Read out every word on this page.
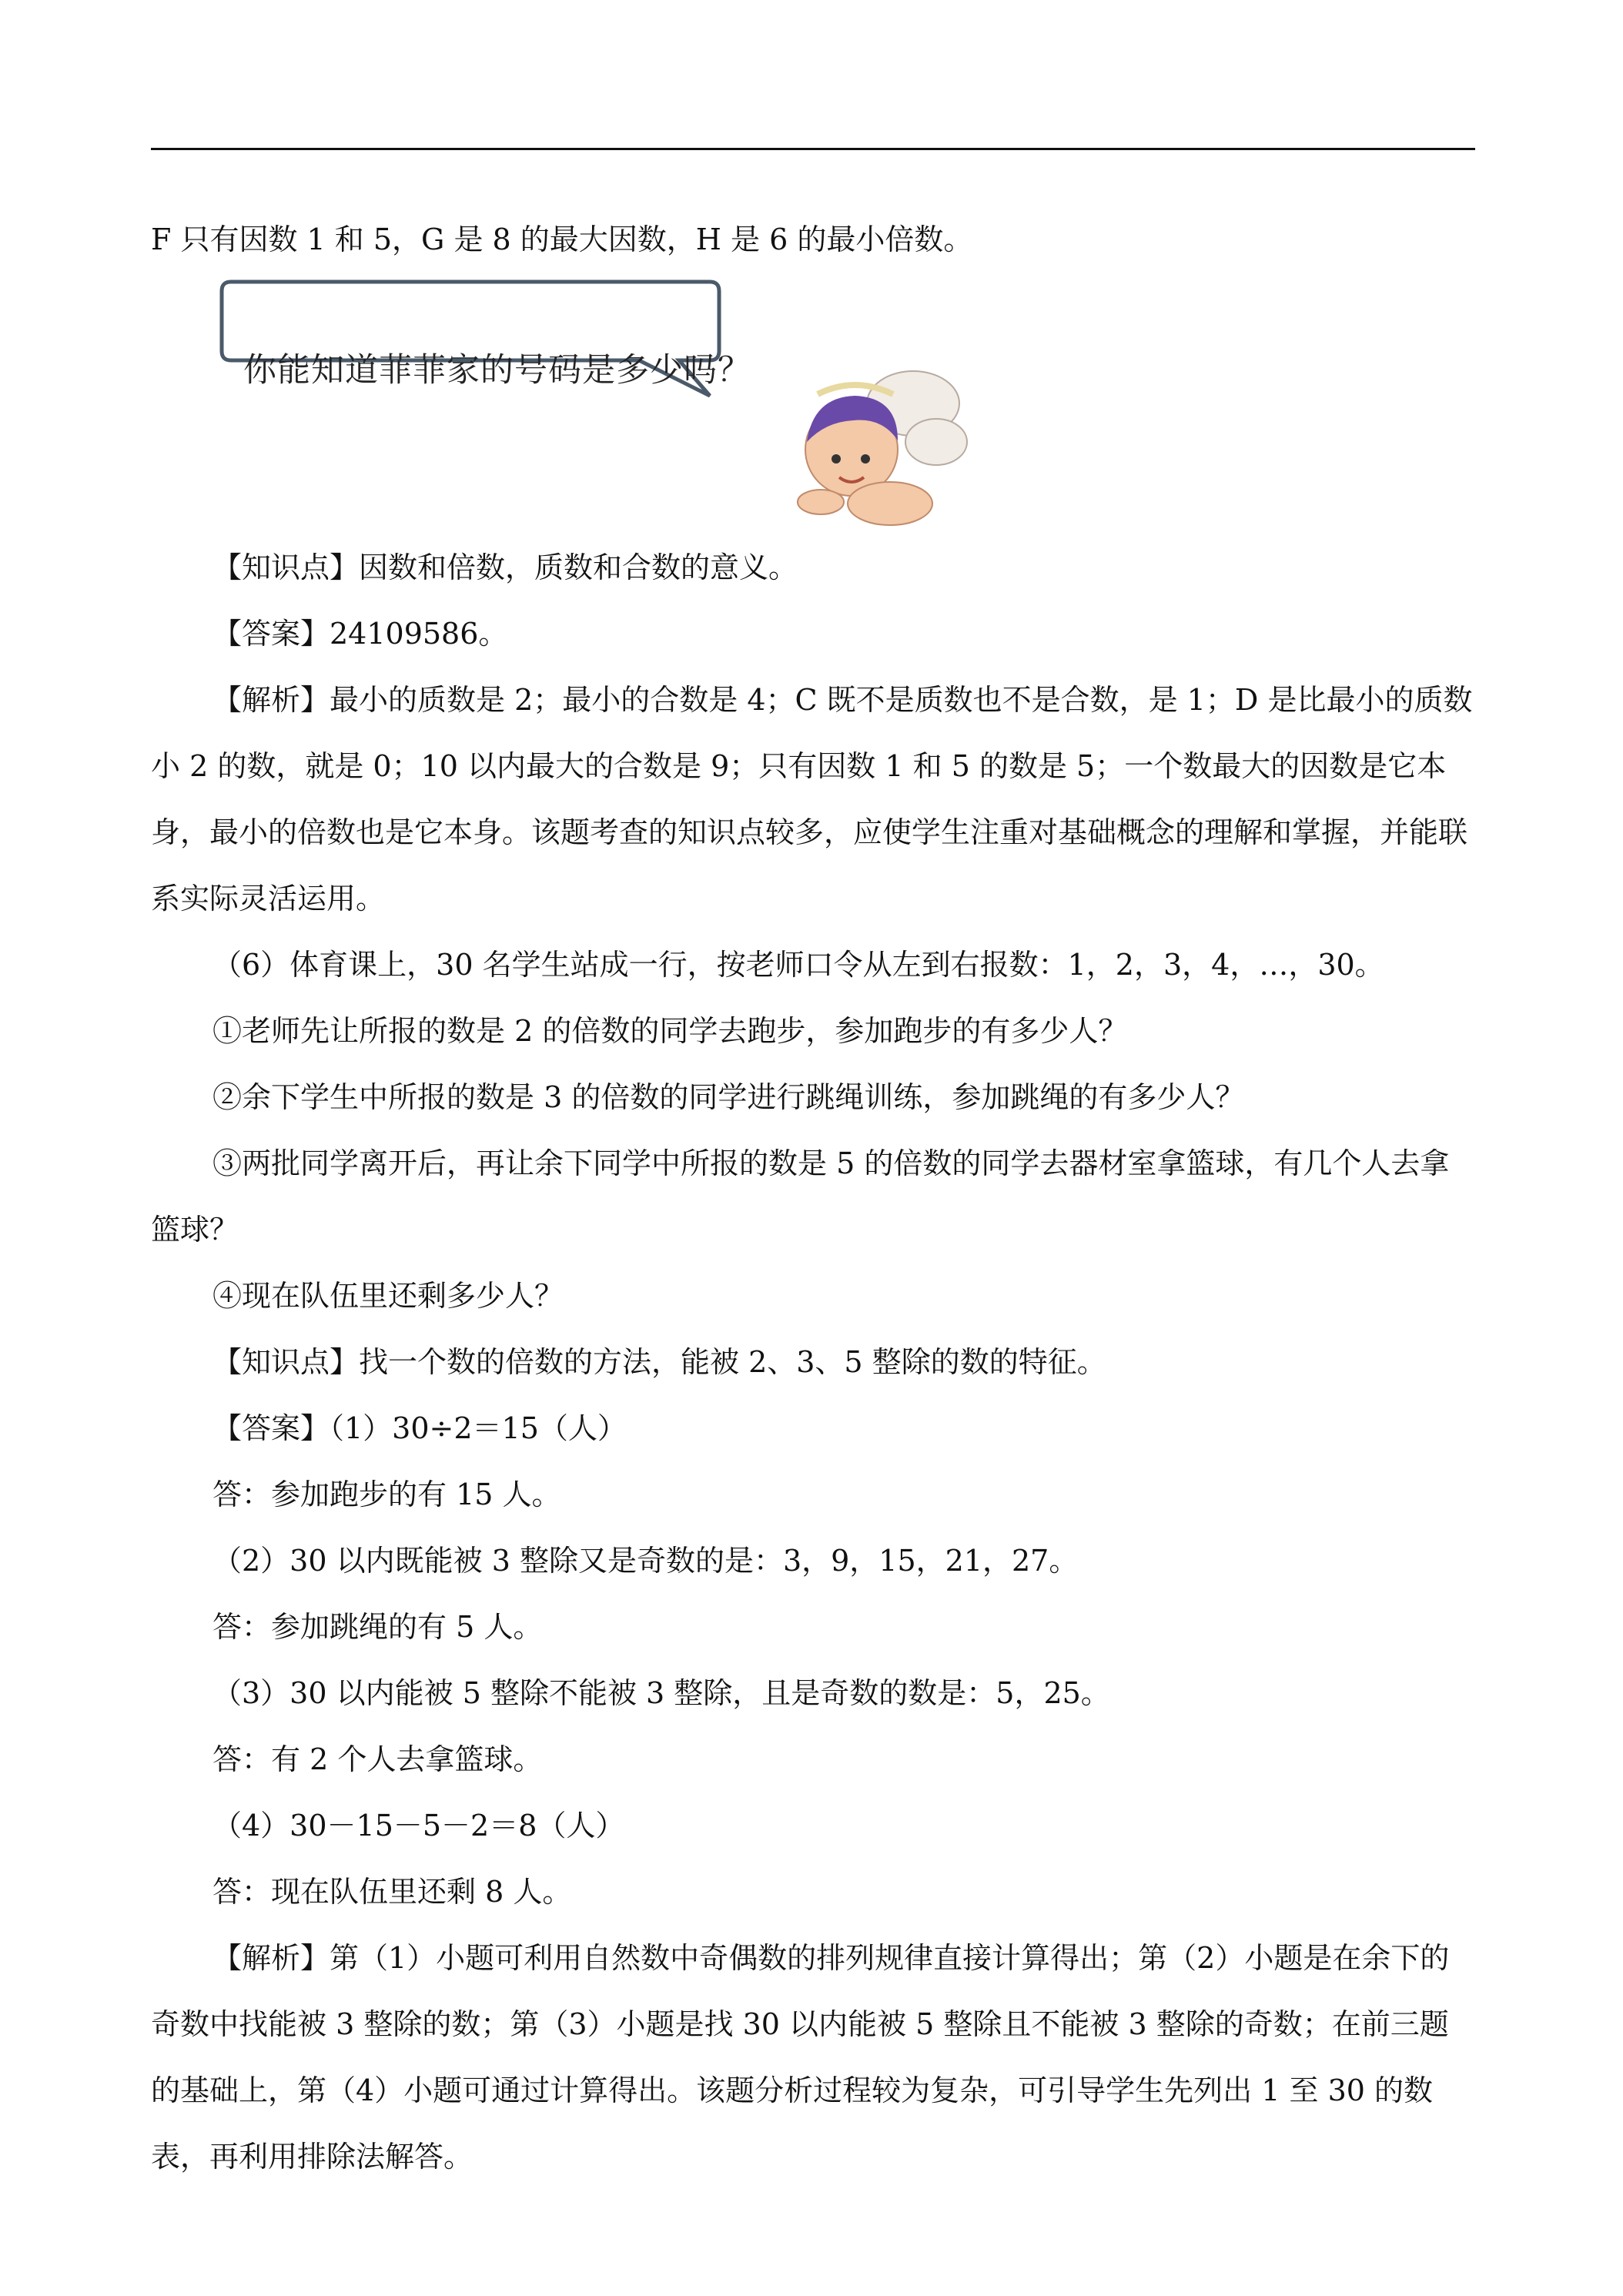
F 只有因数 1 和 5，G 是 8 的最大因数，H 是 6 的最小倍数。

你能知道菲菲家的号码是多少吗？

【知识点】因数和倍数，质数和合数的意义。

【答案】24109586。

【解析】最小的质数是 2；最小的合数是 4；C 既不是质数也不是合数，是 1；D 是比最小的质数小 2 的数，就是 0；10 以内最大的合数是 9；只有因数 1 和 5 的数是 5；一个数最大的因数是它本身，最小的倍数也是它本身。该题考查的知识点较多，应使学生注重对基础概念的理解和掌握，并能联系实际灵活运用。

（6）体育课上，30 名学生站成一行，按老师口令从左到右报数：1，2，3，4，…，30。

①老师先让所报的数是 2 的倍数的同学去跑步，参加跑步的有多少人？

②余下学生中所报的数是 3 的倍数的同学进行跳绳训练，参加跳绳的有多少人？

③两批同学离开后，再让余下同学中所报的数是 5 的倍数的同学去器材室拿篮球，有几个人去拿篮球？

④现在队伍里还剩多少人？

【知识点】找一个数的倍数的方法，能被 2、3、5 整除的数的特征。

【答案】（1）30÷2＝15（人）

答：参加跑步的有 15 人。

（2）30 以内既能被 3 整除又是奇数的是：3，9，15，21，27。

答：参加跳绳的有 5 人。

（3）30 以内能被 5 整除不能被 3 整除，且是奇数的数是：5，25。

答：有 2 个人去拿篮球。

（4）30－15－5－2＝8（人）

答：现在队伍里还剩 8 人。

【解析】第（1）小题可利用自然数中奇偶数的排列规律直接计算得出；第（2）小题是在余下的奇数中找能被 3 整除的数；第（3）小题是找 30 以内能被 5 整除且不能被 3 整除的奇数；在前三题的基础上，第（4）小题可通过计算得出。该题分析过程较为复杂，可引导学生先列出 1 至 30 的数表，再利用排除法解答。
